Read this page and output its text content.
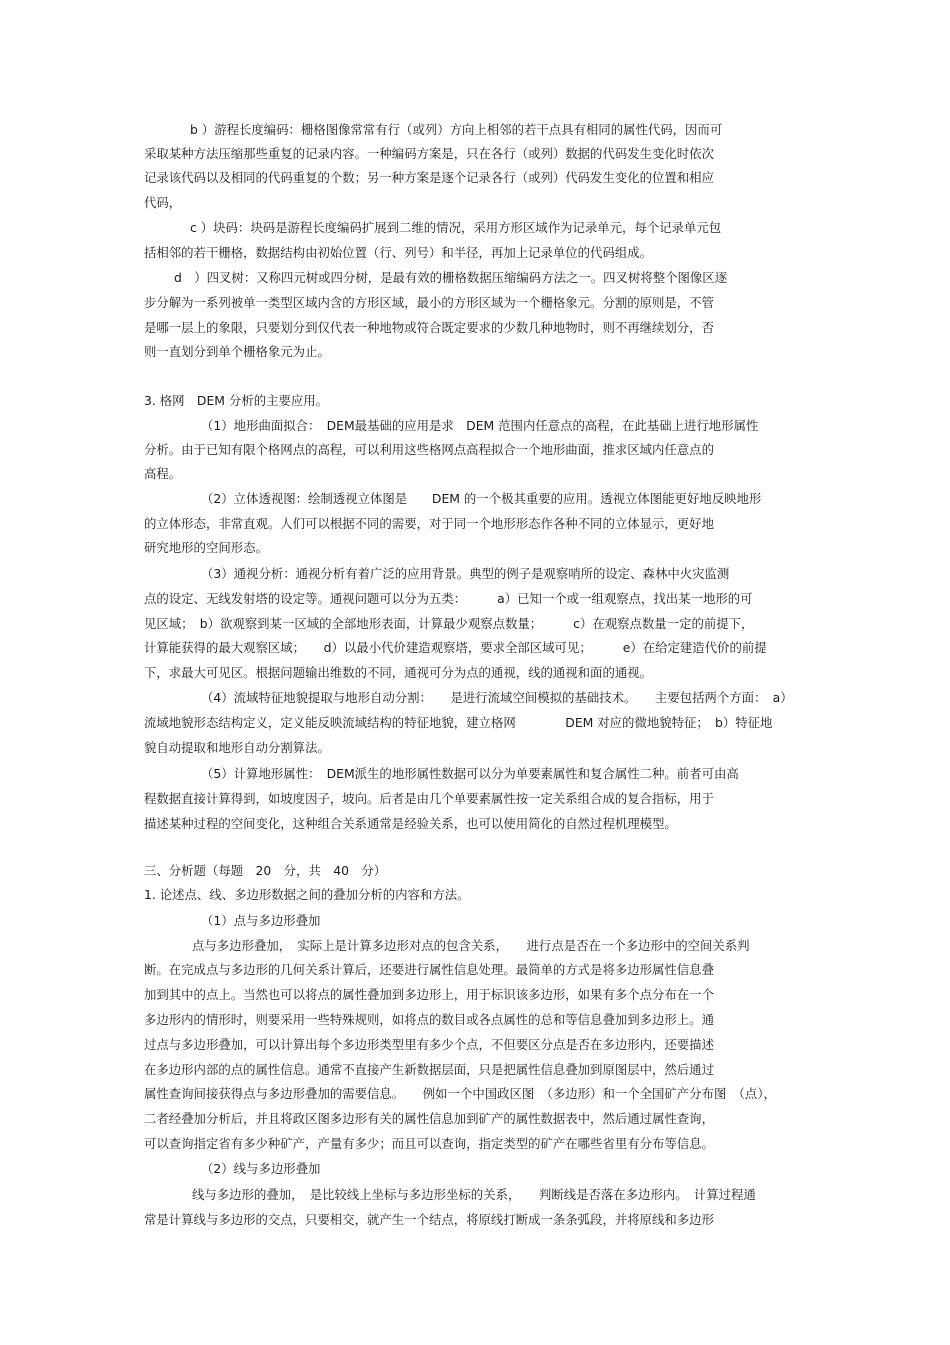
b ）游程长度编码：栅格图像常常有行（或列）方向上相邻的若干点具有相同的属性代码，因而可

采取某种方法压缩那些重复的记录内容。一种编码方案是，只在各行（或列）数据的代码发生变化时依次

记录该代码以及相同的代码重复的个数；另一种方案是逐个记录各行（或列）代码发生变化的位置和相应

代码，

c ）块码：块码是游程长度编码扩展到二维的情况，采用方形区域作为记录单元，每个记录单元包

括相邻的若干栅格，数据结构由初始位置（行、列号）和半径，再加上记录单位的代码组成。

d　）四叉树：又称四元树或四分树，是最有效的栅格数据压缩编码方法之一。四叉树将整个图像区逐

步分解为一系列被单一类型区域内含的方形区域，最小的方形区域为一个栅格象元。分割的原则是，不管

是哪一层上的象限，只要划分到仅代表一种地物或符合既定要求的少数几种地物时，则不再继续划分，否

则一直划分到单个栅格象元为止。

3. 格网　DEM 分析的主要应用。

（1）地形曲面拟合：　DEM最基础的应用是求　DEM 范围内任意点的高程，在此基础上进行地形属性

分析。由于已知有限个格网点的高程，可以利用这些格网点高程拟合一个地形曲面，推求区域内任意点的

高程。

（2）立体透视图：绘制透视立体图是　　DEM 的一个极其重要的应用。透视立体图能更好地反映地形

的立体形态，非常直观。人们可以根据不同的需要，对于同一个地形形态作各种不同的立体显示，更好地

研究地形的空间形态。

（3）通视分析：通视分析有着广泛的应用背景。典型的例子是观察哨所的设定、森林中火灾监测

点的设定、无线发射塔的设定等。通视问题可以分为五类：　　　a）已知一个或一组观察点，找出某一地形的可

见区域；　b）欲观察到某一区域的全部地形表面，计算最少观察点数量；　　　c）在观察点数量一定的前提下，

计算能获得的最大观察区域；　　d）以最小代价建造观察塔，要求全部区域可见；　　　e）在给定建造代价的前提

下，求最大可见区。根据问题输出维数的不同，通视可分为点的通视，线的通视和面的通视。

（4）流域特征地貌提取与地形自动分割：　　是进行流域空间模拟的基础技术。　　主要包括两个方面：　a）

流域地貌形态结构定义，定义能反映流域结构的特征地貌，建立格网　　　　DEM 对应的微地貌特征；　b）特征地

貌自动提取和地形自动分割算法。

（5）计算地形属性：　DEM派生的地形属性数据可以分为单要素属性和复合属性二种。前者可由高

程数据直接计算得到，如坡度因子，坡向。后者是由几个单要素属性按一定关系组合成的复合指标，用于

描述某种过程的空间变化，这种组合关系通常是经验关系，也可以使用简化的自然过程机理模型。

三、分析题（每题　20　分，共　40　分）

1. 论述点、线、多边形数据之间的叠加分析的内容和方法。

（1）点与多边形叠加

点与多边形叠加，　实际上是计算多边形对点的包含关系，　　进行点是否在一个多边形中的空间关系判

断。在完成点与多边形的几何关系计算后，还要进行属性信息处理。最简单的方式是将多边形属性信息叠

加到其中的点上。当然也可以将点的属性叠加到多边形上，用于标识该多边形，如果有多个点分布在一个

多边形内的情形时，则要采用一些特殊规则，如将点的数目或各点属性的总和等信息叠加到多边形上。通

过点与多边形叠加，可以计算出每个多边形类型里有多少个点，不但要区分点是否在多边形内，还要描述

在多边形内部的点的属性信息。通常不直接产生新数据层面，只是把属性信息叠加到原图层中，然后通过

属性查询间接获得点与多边形叠加的需要信息。　　例如一个中国政区图　（多边形）和一个全国矿产分布图　（点），

二者经叠加分析后，并且将政区图多边形有关的属性信息加到矿产的属性数据表中，然后通过属性查询，

可以查询指定省有多少种矿产，产量有多少；而且可以查询，指定类型的矿产在哪些省里有分布等信息。

（2）线与多边形叠加

线与多边形的叠加，　是比较线上坐标与多边形坐标的关系，　　判断线是否落在多边形内。　计算过程通

常是计算线与多边形的交点，只要相交，就产生一个结点，将原线打断成一条条弧段，并将原线和多边形
